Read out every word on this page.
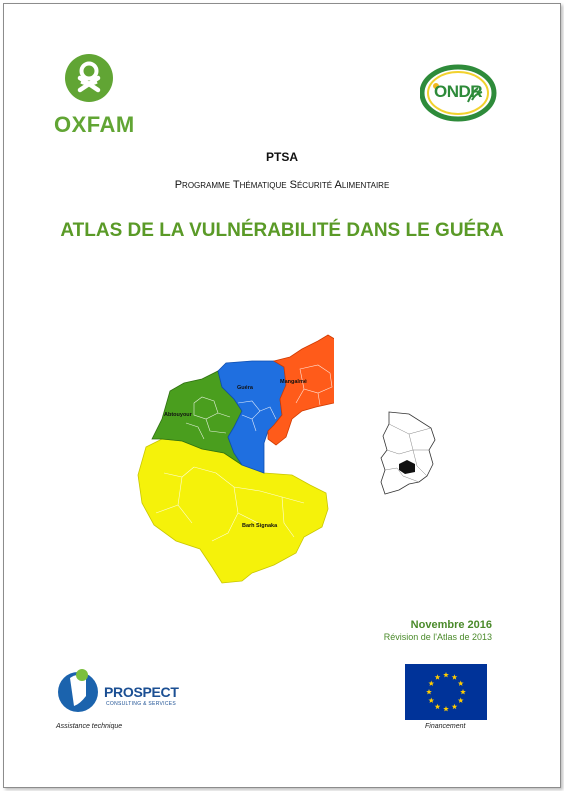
OXFAM
ONDR
PTSA
Programme Thématique Sécurité Alimentaire
ATLAS DE LA VULNÉRABILITÉ DANS LE GUÉRA
Abtouyour
Guéra
Mangalmé
Barh Signaka
Novembre 2016
Révision de l'Atlas de 2013
PROSPECT
CONSULTING & SERVICES
Assistance technique	Financement
